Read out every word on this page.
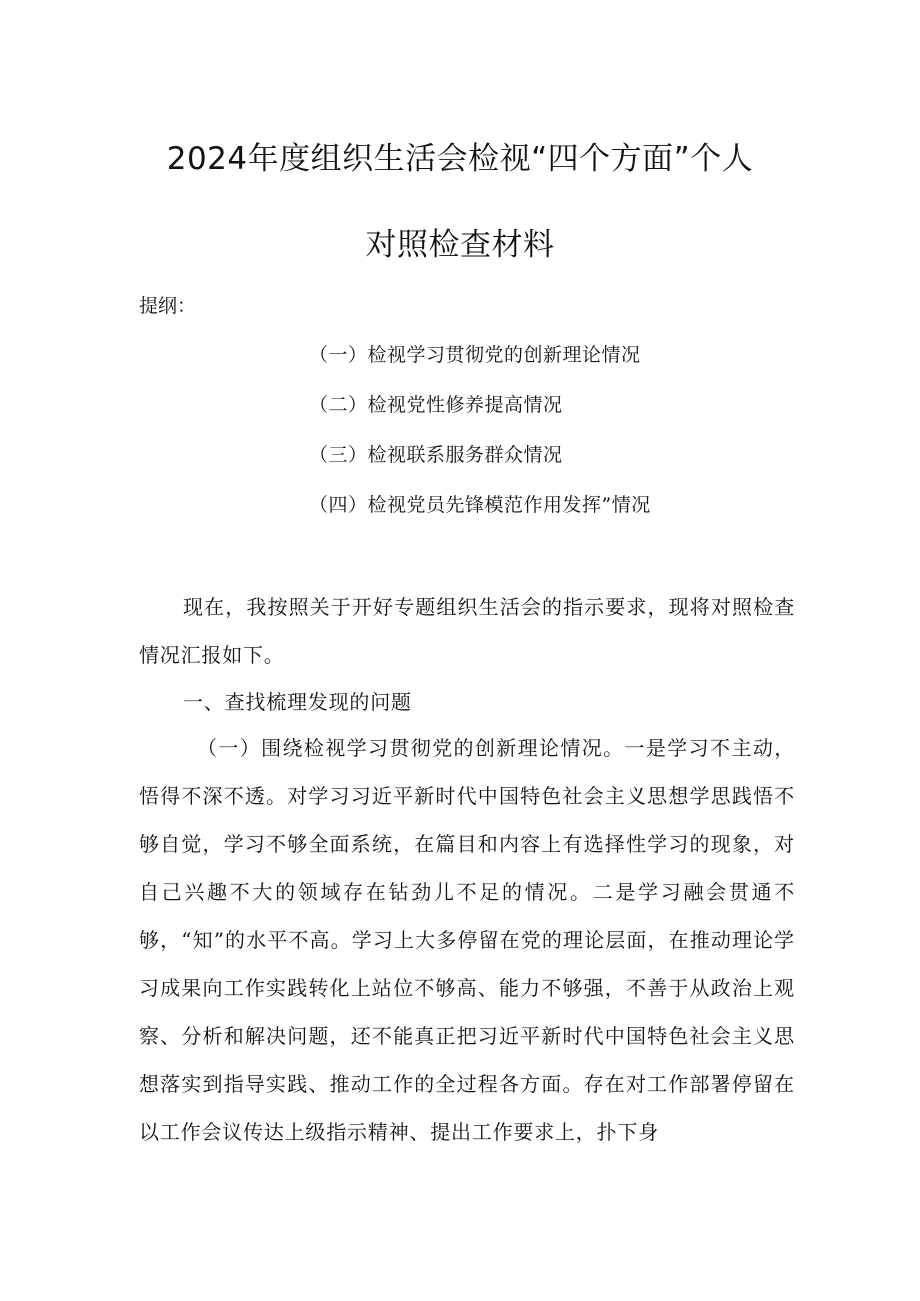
2024年度组织生活会检视“四个方面”个人
对照检查材料
提纲：
（一）检视学习贯彻党的创新理论情况
（二）检视党性修养提高情况
（三）检视联系服务群众情况
（四）检视党员先锋模范作用发挥”情况

现在，我按照关于开好专题组织生活会的指示要求，现将对照检查情况汇报如下。

一、查找梳理发现的问题

（一）围绕检视学习贯彻党的创新理论情况。一是学习不主动，悟得不深不透。对学习习近平新时代中国特色社会主义思想学思践悟不够自觉，学习不够全面系统，在篇目和内容上有选择性学习的现象，对自己兴趣不大的领域存在钻劲儿不足的情况。二是学习融会贯通不够，“知”的水平不高。学习上大多停留在党的理论层面，在推动理论学习成果向工作实践转化上站位不够高、能力不够强，不善于从政治上观察、分析和解决问题，还不能真正把习近平新时代中国特色社会主义思想落实到指导实践、推动工作的全过程各方面。存在对工作部署停留在以工作会议传达上级指示精神、提出工作要求上，扑下身
